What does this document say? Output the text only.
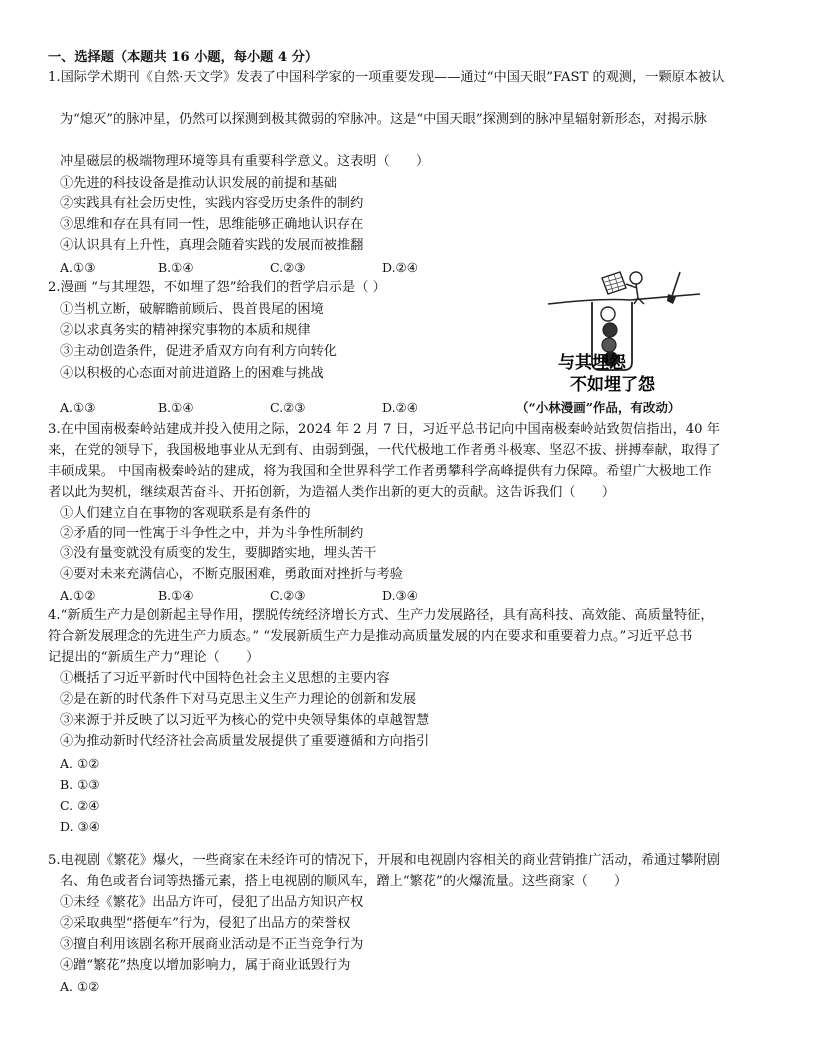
一、选择题（本题共 16 小题，每小题 4 分）
1.国际学术期刊《自然·天文学》发表了中国科学家的一项重要发现——通过“中国天眼”FAST 的观测，一颗原本被认
为“熄灭”的脉冲星，仍然可以探测到极其微弱的窄脉冲。这是“中国天眼”探测到的脉冲星辐射新形态，对揭示脉
冲星磁层的极端物理环境等具有重要科学意义。这表明（　　）
①先进的科技设备是推动认识发展的前提和基础
②实践具有社会历史性，实践内容受历史条件的制约
③思维和存在具有同一性，思维能够正确地认识存在
④认识具有上升性，真理会随着实践的发展而被推翻
A.①③	B.①④	C.②③	D.②④
2.漫画 “与其埋怨，不如埋了怨”给我们的哲学启示是（ ）
①当机立断，破解瞻前顾后、畏首畏尾的困境
②以求真务实的精神探究事物的本质和规律
③主动创造条件，促进矛盾双方向有利方向转化
④以积极的心态面对前进道路上的困难与挑战
A.①③	B.①④	C.②③	D.②④
与其埋怨
不如埋了怨
（“小林漫画”作品，有改动）
3.在中国南极秦岭站建成并投入使用之际，2024 年 2 月 7 日，习近平总书记向中国南极秦岭站致贺信指出，40 年
来，在党的领导下，我国极地事业从无到有、由弱到强，一代代极地工作者勇斗极寒、坚忍不拔、拼搏奉献，取得了
丰硕成果。 中国南极秦岭站的建成，将为我国和全世界科学工作者勇攀科学高峰提供有力保障。希望广大极地工作
者以此为契机，继续艰苦奋斗、开拓创新，为造福人类作出新的更大的贡献。这告诉我们（　　）
①人们建立自在事物的客观联系是有条件的
②矛盾的同一性寓于斗争性之中，并为斗争性所制约
③没有量变就没有质变的发生，要脚踏实地，埋头苦干
④要对未来充满信心，不断克服困难，勇敢面对挫折与考验
A.①②	B.①④	C.②③	D.③④
4.“新质生产力是创新起主导作用，摆脱传统经济增长方式、生产力发展路径，具有高科技、高效能、高质量特征，
符合新发展理念的先进生产力质态。” “发展新质生产力是推动高质量发展的内在要求和重要着力点。”习近平总书
记提出的“新质生产力”理论（　　）
①概括了习近平新时代中国特色社会主义思想的主要内容
②是在新的时代条件下对马克思主义生产力理论的创新和发展
③来源于并反映了以习近平为核心的党中央领导集体的卓越智慧
④为推动新时代经济社会高质量发展提供了重要遵循和方向指引
A. ①②
B. ①③
C. ②④
D. ③④
5.电视剧《繁花》爆火，一些商家在未经许可的情况下，开展和电视剧内容相关的商业营销推广活动，希通过攀附剧
名、角色或者台词等热播元素，搭上电视剧的顺风车，蹭上“繁花”的火爆流量。这些商家（　　）
①未经《繁花》出品方许可，侵犯了出品方知识产权
②采取典型“搭便车”行为，侵犯了出品方的荣誉权
③擅自利用该剧名称开展商业活动是不正当竞争行为
④蹭“繁花”热度以增加影响力，属于商业诋毁行为
A. ①②
